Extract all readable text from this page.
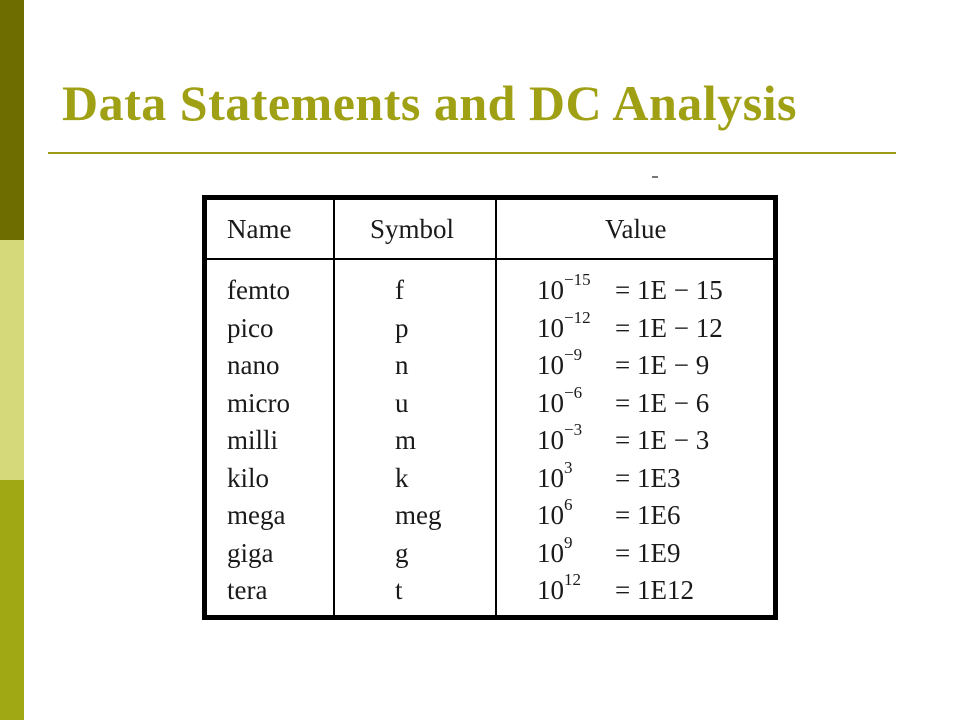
Data Statements and DC Analysis
Name	Symbol	Value
femto	f	$10^{-15} = 1E - 15$
pico	p	$10^{-12} = 1E - 12$
nano	n	$10^{-9} = 1E - 9$
micro	u	$10^{-6} = 1E - 6$
milli	m	$10^{-3} = 1E - 3$
kilo	k	$10^3 = 1E3$
mega	meg	$10^6 = 1E6$
giga	g	$10^9 = 1E9$
tera	t	$10^{12} = 1E12$
